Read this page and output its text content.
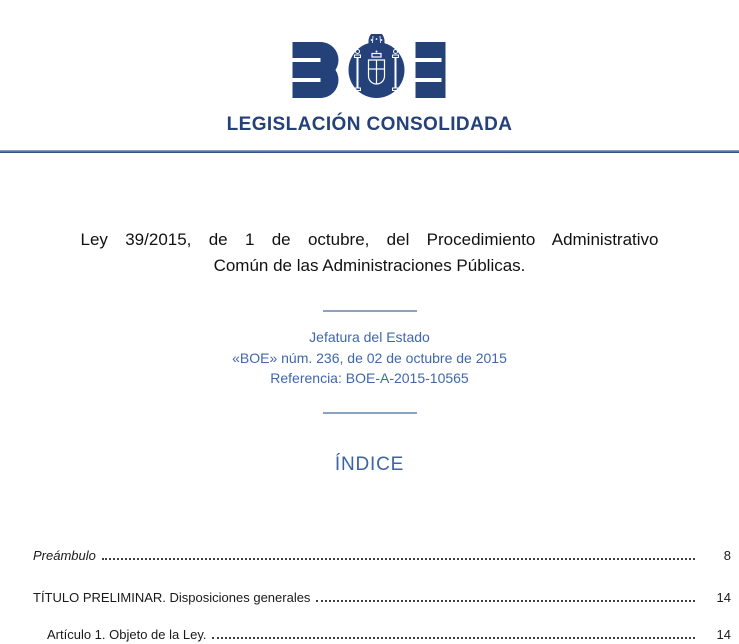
LEGISLACIÓN CONSOLIDADA
Ley 39/2015, de 1 de octubre, del Procedimiento Administrativo
Común de las Administraciones Públicas.
Jefatura del Estado
«BOE» núm. 236, de 02 de octubre de 2015
Referencia: BOE-A-2015-10565
ÍNDICE
Preámbulo	8
TÍTULO PRELIMINAR. Disposiciones generales	14
Artículo 1. Objeto de la Ley.	14
